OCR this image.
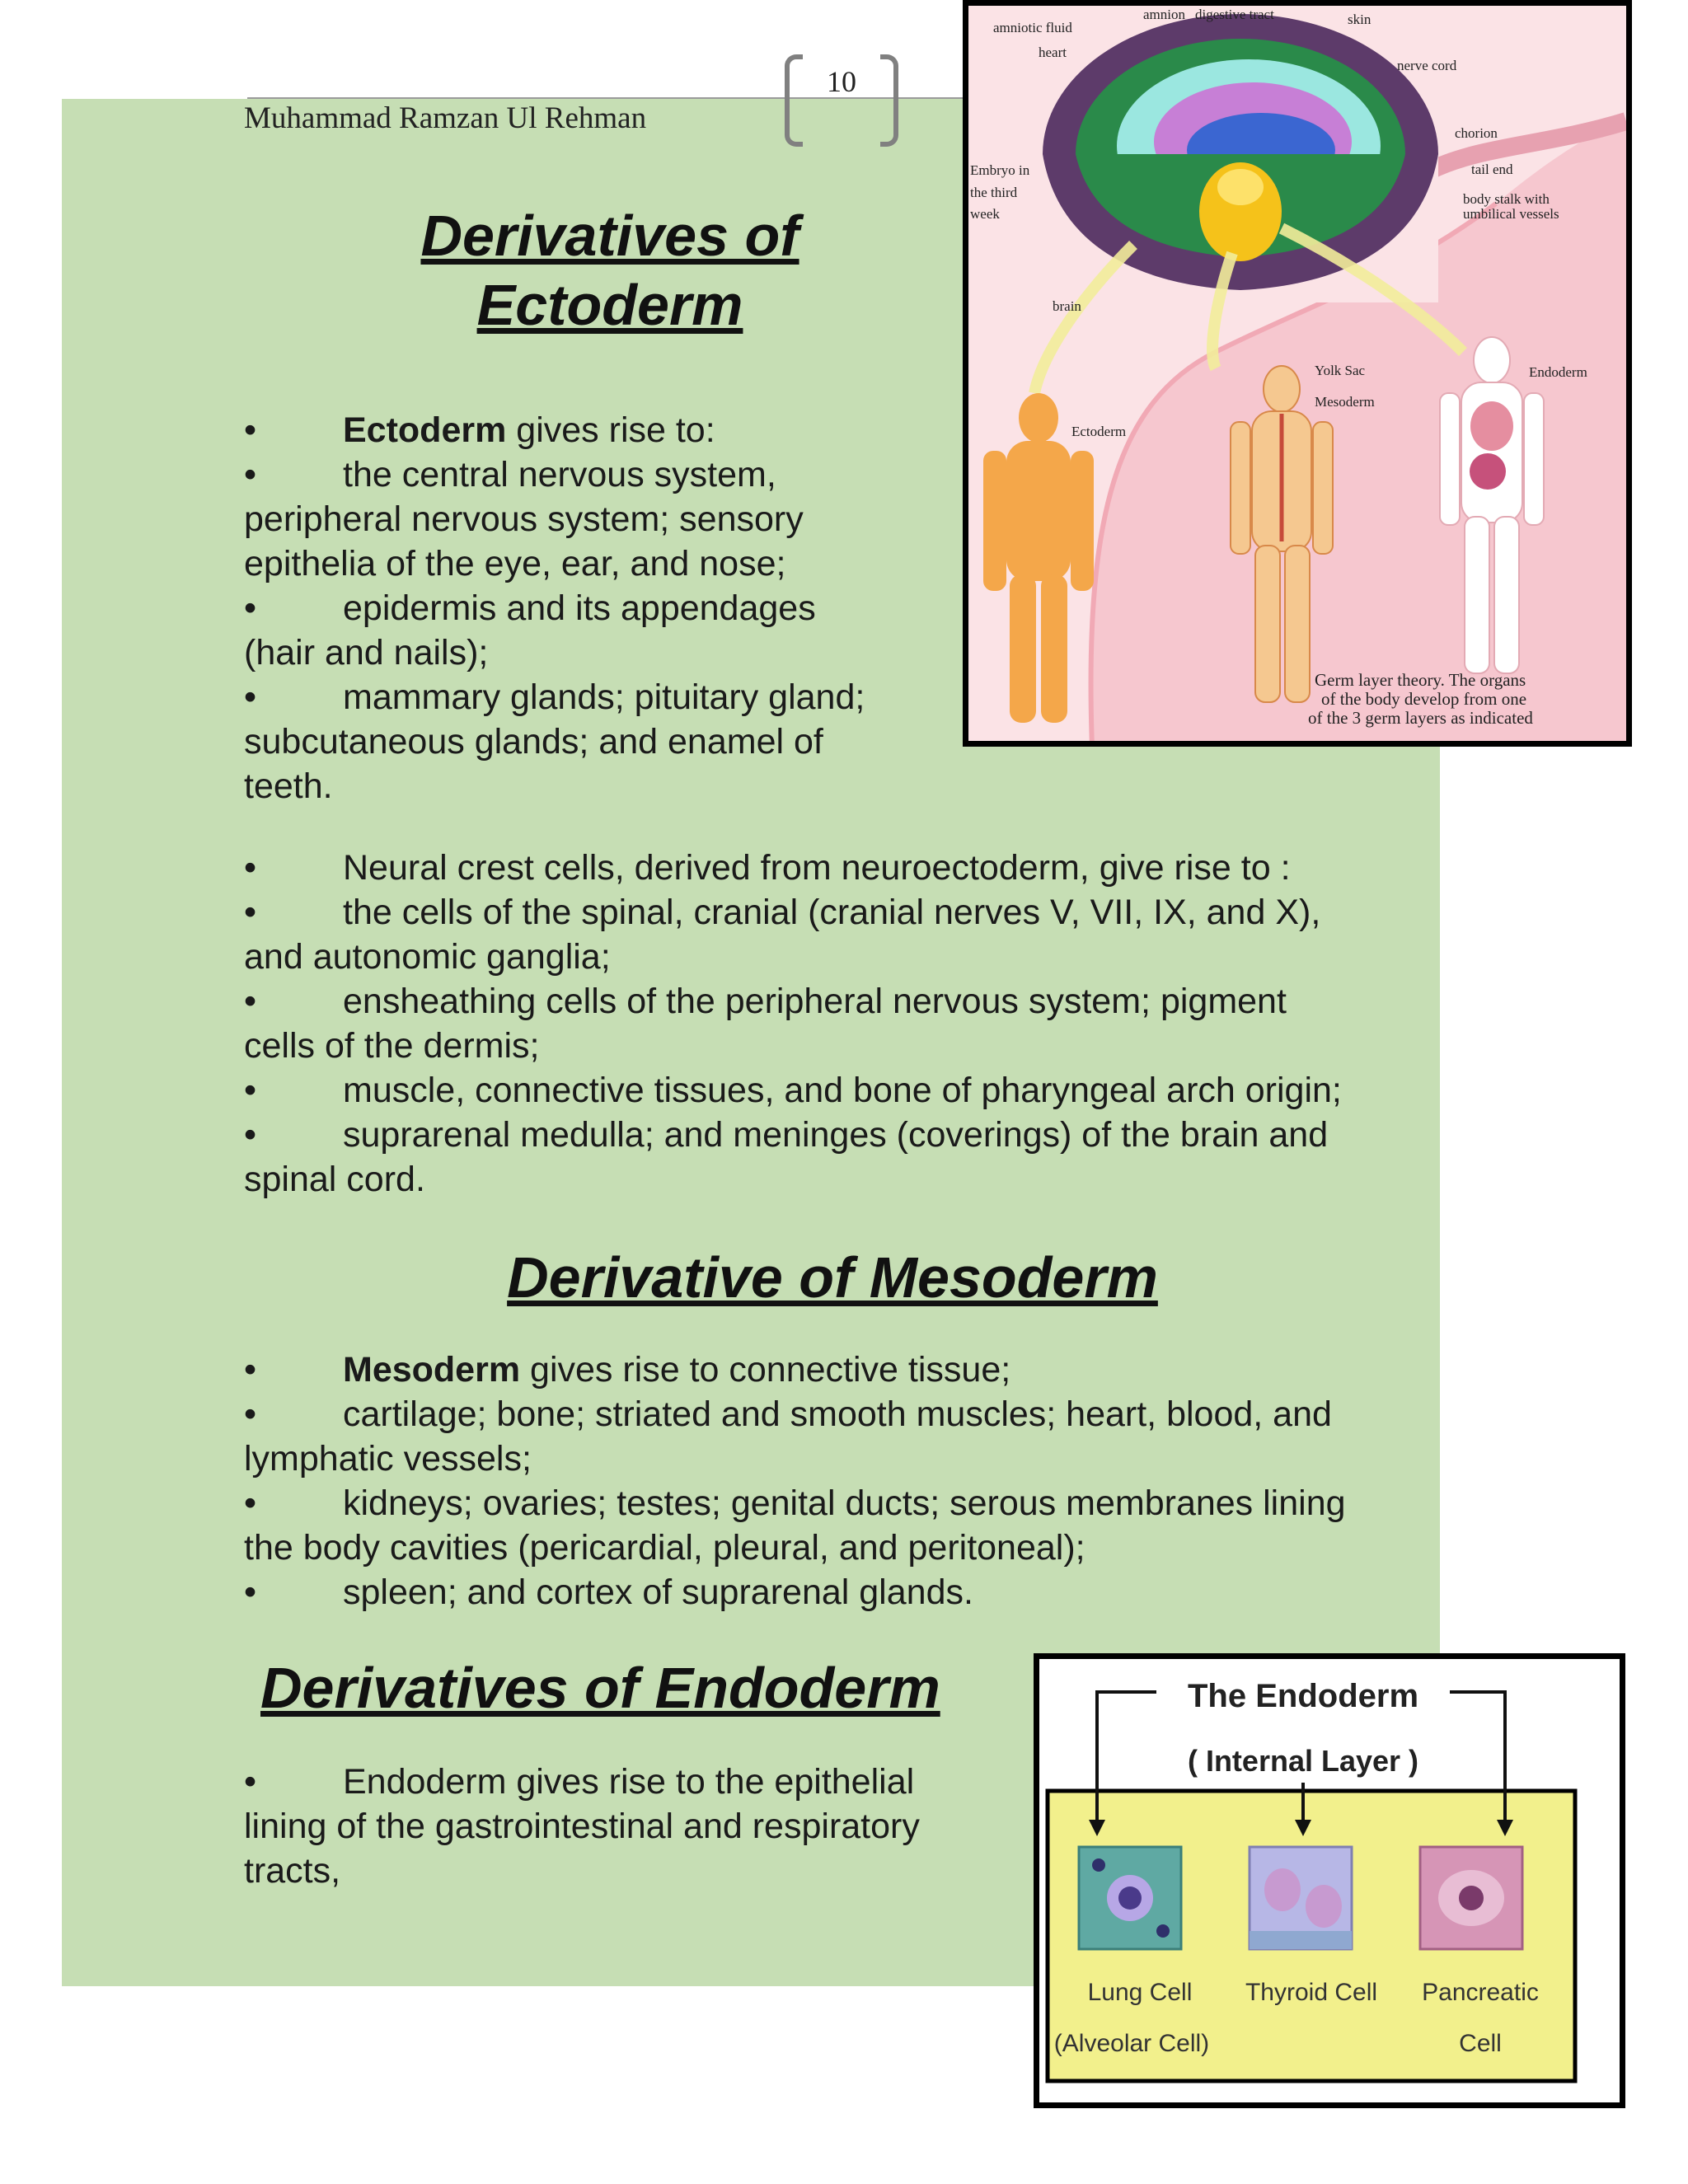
Muhammad Ramzan Ul Rehman
10
Derivatives of
Ectoderm
• Ectoderm gives rise to:
• the central nervous system,
peripheral nervous system; sensory
epithelia of the eye, ear, and nose;
• epidermis and its appendages
(hair and nails);
• mammary glands; pituitary gland;
subcutaneous glands; and enamel of
teeth.
• Neural crest cells, derived from neuroectoderm, give rise to :
• the cells of the spinal, cranial (cranial nerves V, VII, IX, and X),
and autonomic ganglia;
• ensheathing cells of the peripheral nervous system; pigment
cells of the dermis;
• muscle, connective tissues, and bone of pharyngeal arch origin;
• suprarenal medulla; and meninges (coverings) of the brain and
spinal cord.
Derivative of Mesoderm
• Mesoderm gives rise to connective tissue;
• cartilage; bone; striated and smooth muscles; heart, blood, and
lymphatic vessels;
• kidneys; ovaries; testes; genital ducts; serous membranes lining
the body cavities (pericardial, pleural, and peritoneal);
• spleen; and cortex of suprarenal glands.
Derivatives of Endoderm
• Endoderm gives rise to the epithelial
lining of the gastrointestinal and respiratory
tracts,
amnion digestive tract	skin
amniotic fluid
heart
nerve cord
chorion
Embryo in
the third
week
tail end
body stalk with
umbilical vessels
brain
Yolk Sac
Mesoderm
Ectoderm
Endoderm
Germ layer theory. The organs
of the body develop from one
of the 3 germ layers as indicated
The Endoderm
( Internal Layer )
Lung Cell
(Alveolar Cell)
Thyroid Cell Pancreatic
Cell
